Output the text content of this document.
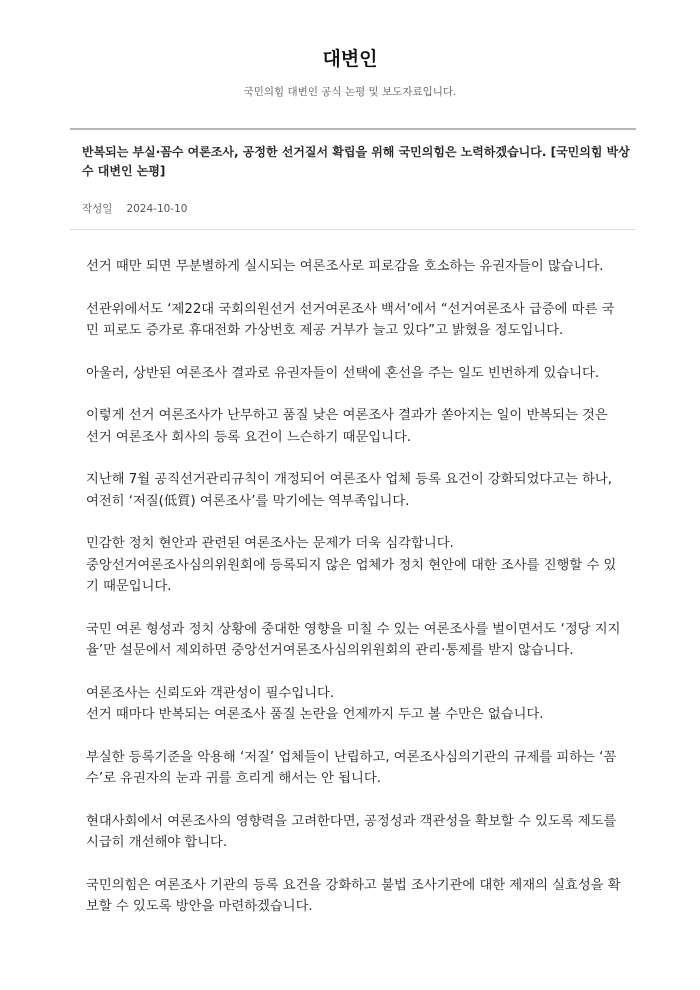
대변인
국민의힘 대변인 공식 논평 및 보도자료입니다.
반복되는 부실·꼼수 여론조사, 공정한 선거질서 확립을 위해 국민의힘은 노력하겠습니다. [국민의힘 박상수 대변인 논평]
작성일 2024-10-10

선거 때만 되면 무분별하게 실시되는 여론조사로 피로감을 호소하는 유권자들이 많습니다.

선관위에서도 ‘제22대 국회의원선거 선거여론조사 백서’에서 “선거여론조사 급증에 따른 국민 피로도 증가로 휴대전화 가상번호 제공 거부가 늘고 있다”고 밝혔을 정도입니다.

아울러, 상반된 여론조사 결과로 유권자들이 선택에 혼선을 주는 일도 빈번하게 있습니다.

이렇게 선거 여론조사가 난무하고 품질 낮은 여론조사 결과가 쏟아지는 일이 반복되는 것은 선거 여론조사 회사의 등록 요건이 느슨하기 때문입니다.

지난해 7월 공직선거관리규칙이 개정되어 여론조사 업체 등록 요건이 강화되었다고는 하나, 여전히 ‘저질(低質) 여론조사’를 막기에는 역부족입니다.

민감한 정치 현안과 관련된 여론조사는 문제가 더욱 심각합니다.
중앙선거여론조사심의위원회에 등록되지 않은 업체가 정치 현안에 대한 조사를 진행할 수 있기 때문입니다.

국민 여론 형성과 정치 상황에 중대한 영향을 미칠 수 있는 여론조사를 벌이면서도 ‘정당 지지율’만 설문에서 제외하면 중앙선거여론조사심의위원회의 관리·통제를 받지 않습니다.

여론조사는 신뢰도와 객관성이 필수입니다.
선거 때마다 반복되는 여론조사 품질 논란을 언제까지 두고 볼 수만은 없습니다.

부실한 등록기준을 악용해 ‘저질’ 업체들이 난립하고, 여론조사심의기관의 규제를 피하는 ‘꼼수’로 유권자의 눈과 귀를 흐리게 해서는 안 됩니다.

현대사회에서 여론조사의 영향력을 고려한다면, 공정성과 객관성을 확보할 수 있도록 제도를 시급히 개선해야 합니다.

국민의힘은 여론조사 기관의 등록 요건을 강화하고 불법 조사기관에 대한 제재의 실효성을 확보할 수 있도록 방안을 마련하겠습니다.
